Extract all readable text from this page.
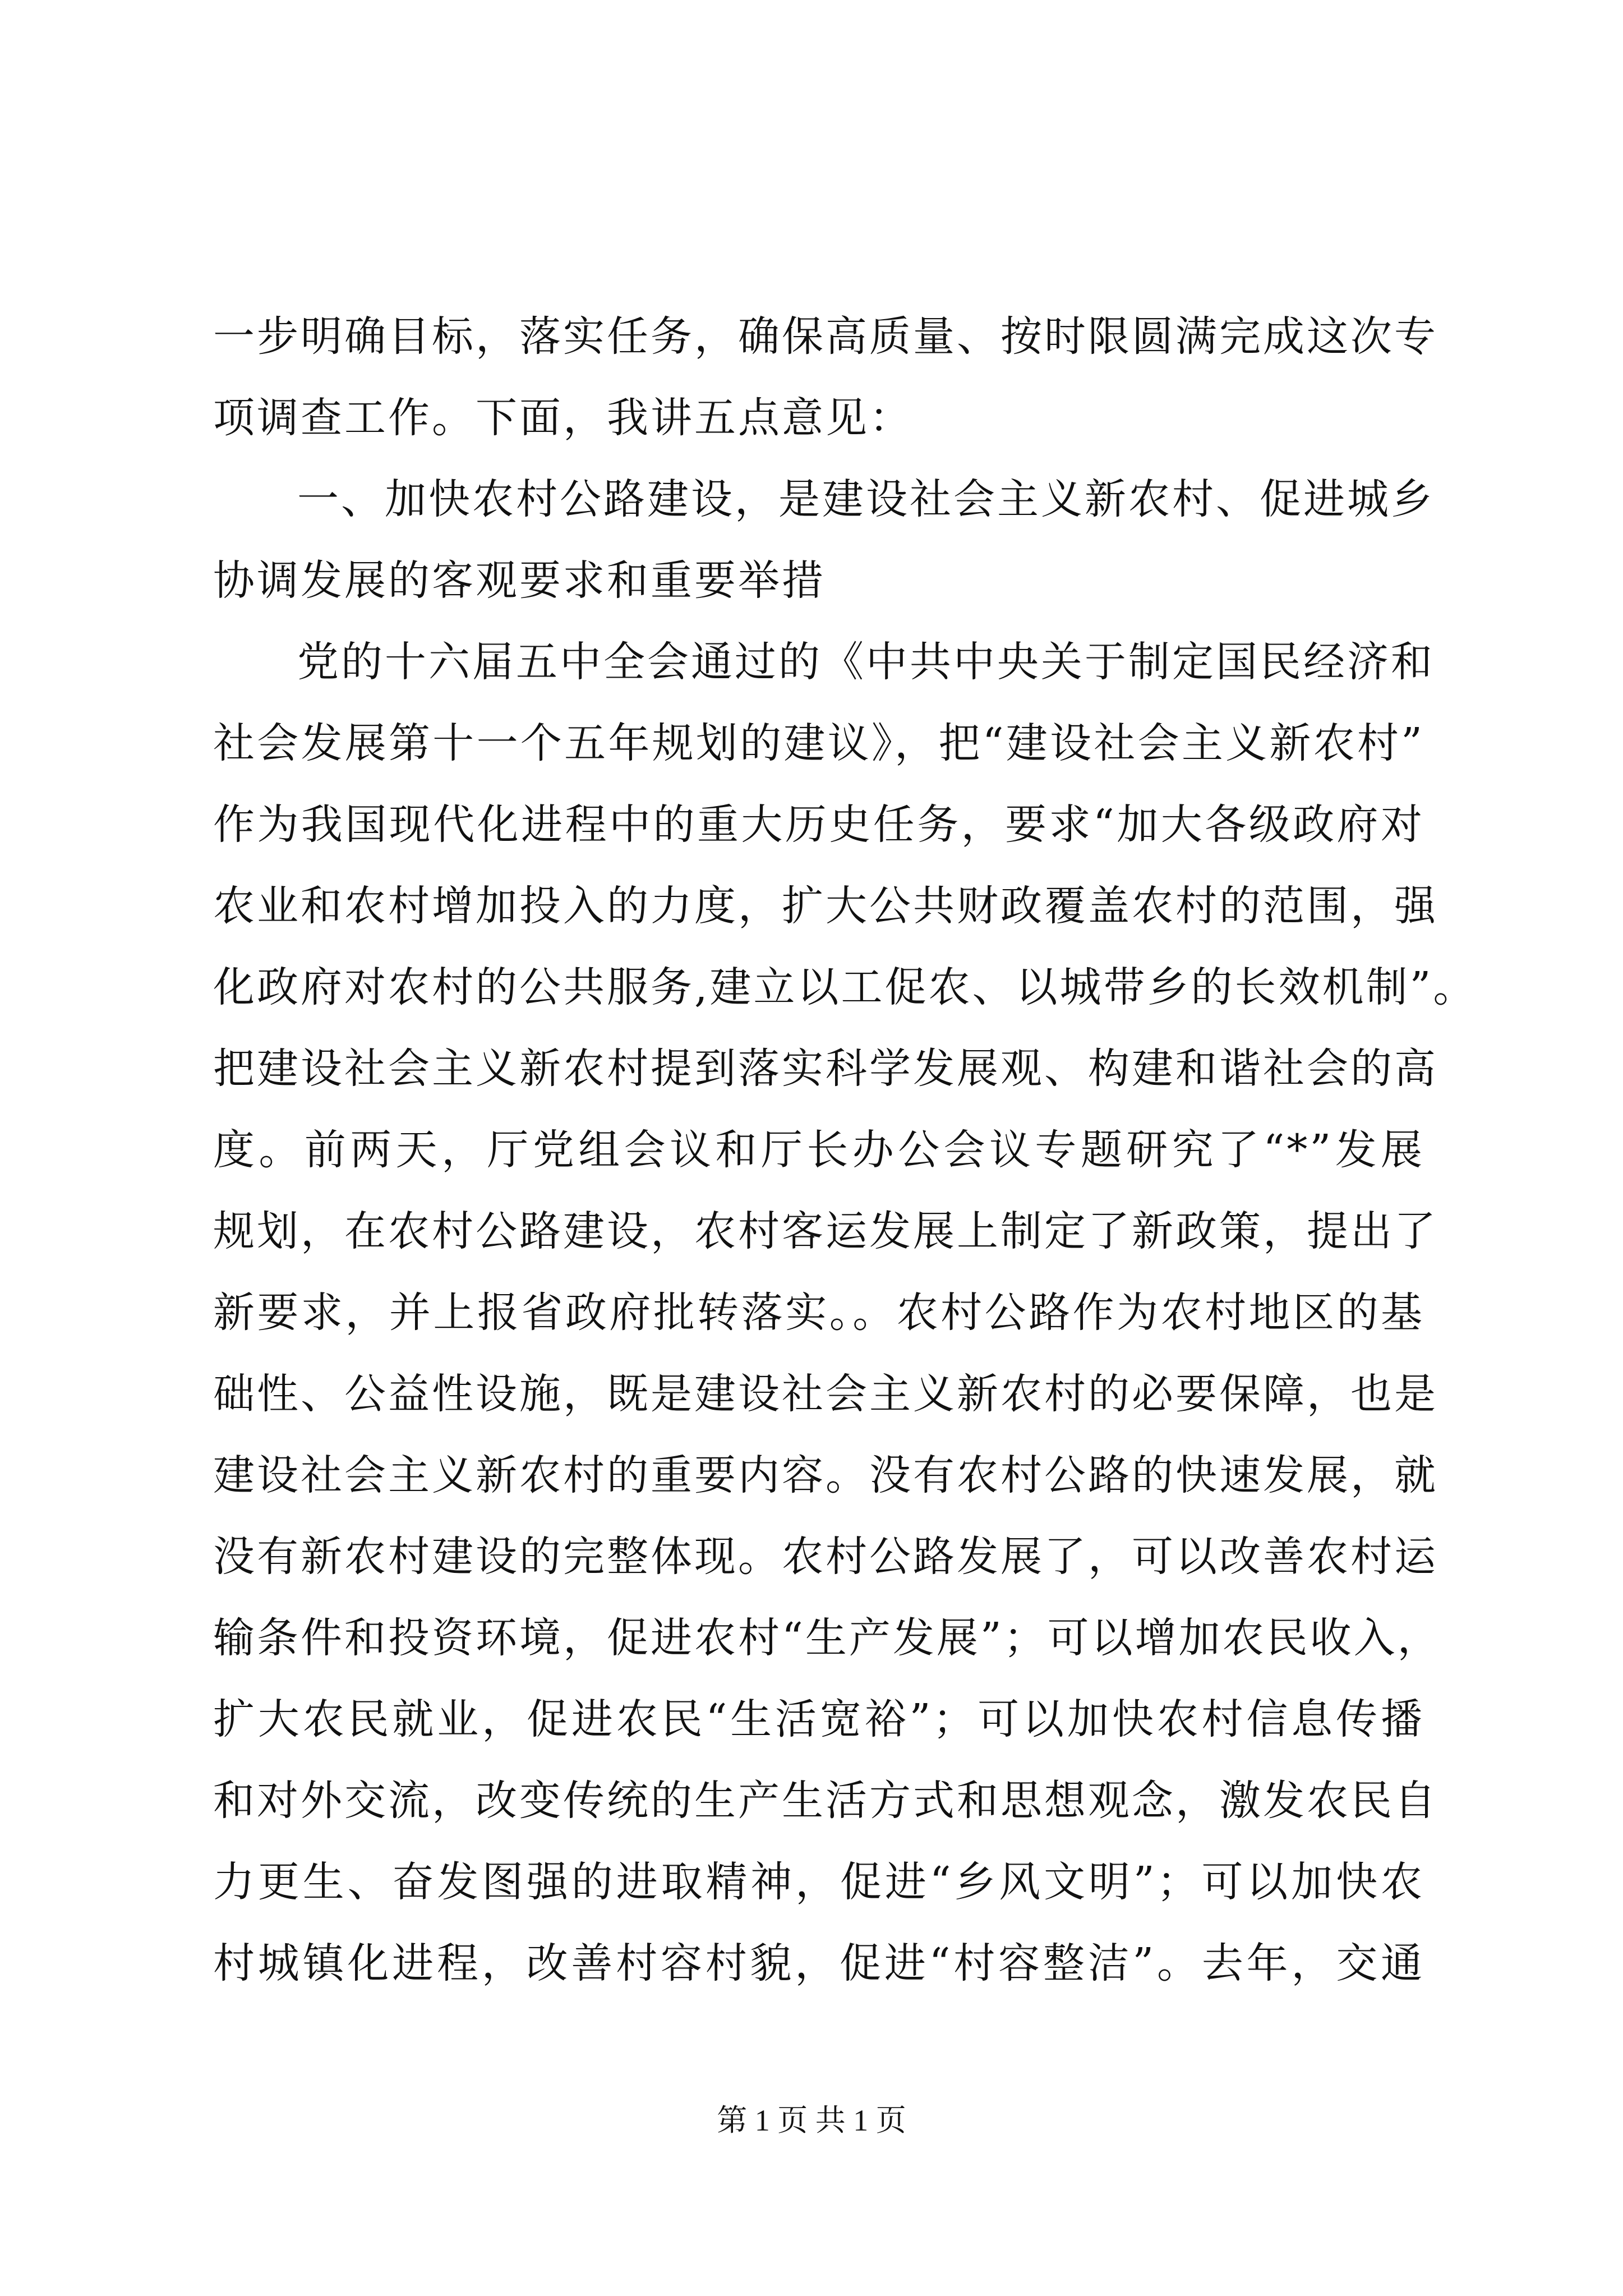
一步明确目标，落实任务，确保高质量、按时限圆满完成这次专
项调查工作。下面，我讲五点意见：
一、加快农村公路建设，是建设社会主义新农村、促进城乡
协调发展的客观要求和重要举措
党的十六届五中全会通过的《中共中央关于制定国民经济和
社会发展第十一个五年规划的建议》，把“建设社会主义新农村”
作为我国现代化进程中的重大历史任务，要求“加大各级政府对
农业和农村增加投入的力度，扩大公共财政覆盖农村的范围，强
化政府对农村的公共服务,建立以工促农、以城带乡的长效机制”。
把建设社会主义新农村提到落实科学发展观、构建和谐社会的高
度。前两天，厅党组会议和厅长办公会议专题研究了“*”发展
规划，在农村公路建设，农村客运发展上制定了新政策，提出了
新要求，并上报省政府批转落实。。农村公路作为农村地区的基
础性、公益性设施，既是建设社会主义新农村的必要保障，也是
建设社会主义新农村的重要内容。没有农村公路的快速发展，就
没有新农村建设的完整体现。农村公路发展了，可以改善农村运
输条件和投资环境，促进农村“生产发展”；可以增加农民收入，
扩大农民就业，促进农民“生活宽裕”；可以加快农村信息传播
和对外交流，改变传统的生产生活方式和思想观念，激发农民自
力更生、奋发图强的进取精神，促进“乡风文明”；可以加快农
村城镇化进程，改善村容村貌，促进“村容整洁”。去年，交通
第 1 页 共 1 页
